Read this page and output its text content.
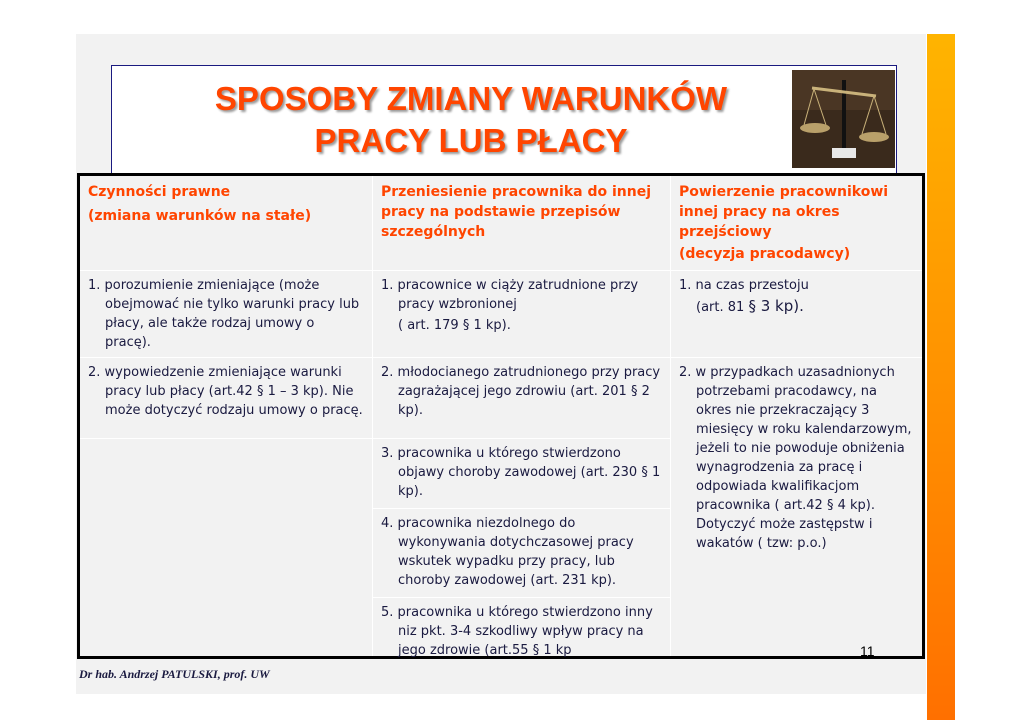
SPOSOBY ZMIANY WARUNKÓW
PRACY LUB PŁACY

Czynności prawne

(zmiana warunków na stałe)

Przeniesienie pracownika do innej pracy na podstawie przepisów szczególnych

Powierzenie pracownikowi innej pracy na okres przejściowy

(decyzja pracodawcy)

1. porozumienie zmieniające (może obejmować nie tylko warunki pracy lub płacy, ale także rodzaj umowy o pracę).

2. wypowiedzenie zmieniające warunki pracy lub płacy (art.42 § 1 – 3 kp). Nie może dotyczyć rodzaju umowy o pracę.

1. pracownice w ciąży zatrudnione przy pracy wzbronionej

( art. 179 § 1 kp).

2. młodocianego zatrudnionego przy pracy zagrażającej jego zdrowiu (art. 201 § 2 kp).

3. pracownika u którego stwierdzono objawy choroby zawodowej (art. 230 § 1 kp).

4. pracownika niezdolnego do wykonywania dotychczasowej pracy wskutek wypadku przy pracy, lub choroby zawodowej (art. 231 kp).

5. pracownika u którego stwierdzono inny niz pkt. 3-4 szkodliwy wpływ pracy na jego zdrowie (art.55 § 1 kp

1. na czas przestoju

(art. 81 § 3 kp).

2. w przypadkach uzasadnionych potrzebami pracodawcy, na okres nie przekraczający 3 miesięcy w roku kalendarzowym, jeżeli to nie powoduje obniżenia wynagrodzenia za pracę i odpowiada kwalifikacjom pracownika ( art.42 § 4 kp). Dotyczyć może zastępstw i wakatów ( tzw: p.o.)

11
Dr hab. Andrzej PATULSKI, prof. UW
